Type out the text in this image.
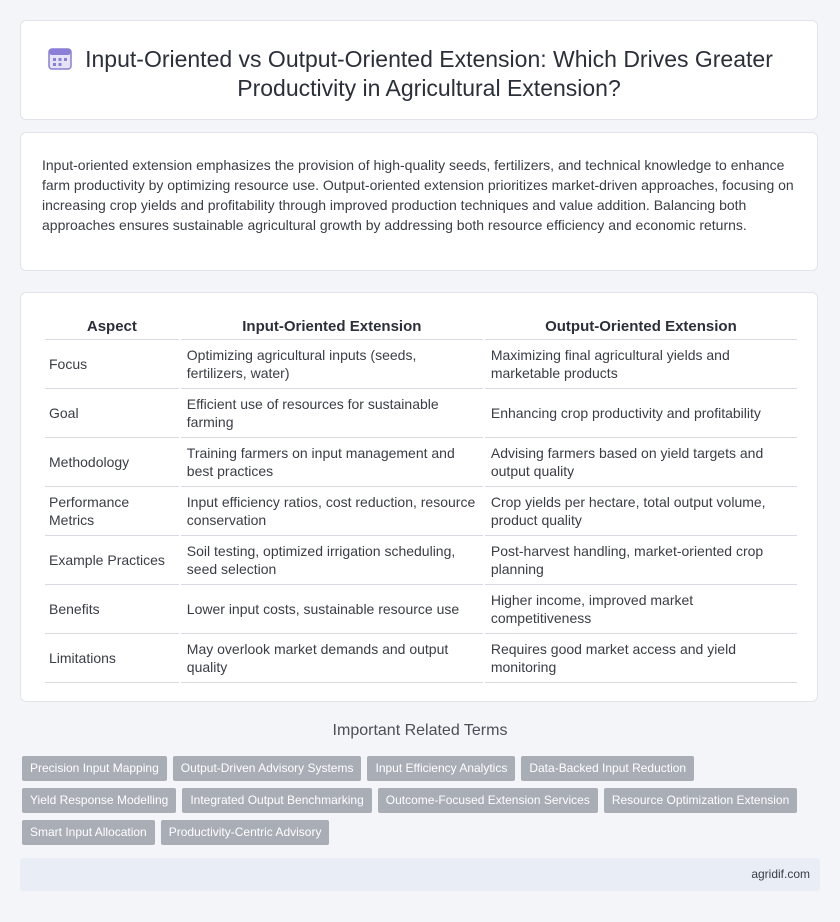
Input-Oriented vs Output-Oriented Extension: Which Drives Greater Productivity in Agricultural Extension?

Input-oriented extension emphasizes the provision of high-quality seeds, fertilizers, and technical knowledge to enhance farm productivity by optimizing resource use. Output-oriented extension prioritizes market-driven approaches, focusing on increasing crop yields and profitability through improved production techniques and value addition. Balancing both approaches ensures sustainable agricultural growth by addressing both resource efficiency and economic returns.

Aspect	Input-Oriented Extension	Output-Oriented Extension
Focus	Optimizing agricultural inputs (seeds, fertilizers, water)	Maximizing final agricultural yields and marketable products
Goal	Efficient use of resources for sustainable farming	Enhancing crop productivity and profitability
Methodology	Training farmers on input management and best practices	Advising farmers based on yield targets and output quality
Performance Metrics	Input efficiency ratios, cost reduction, resource conservation	Crop yields per hectare, total output volume, product quality
Example Practices	Soil testing, optimized irrigation scheduling, seed selection	Post-harvest handling, market-oriented crop planning
Benefits	Lower input costs, sustainable resource use	Higher income, improved market competitiveness
Limitations	May overlook market demands and output quality	Requires good market access and yield monitoring
Important Related Terms
Precision Input Mapping	Output-Driven Advisory Systems	Input Efficiency Analytics	Data-Backed Input Reduction
Yield Response Modelling	Integrated Output Benchmarking	Outcome-Focused Extension Services	Resource Optimization Extension
Smart Input Allocation	Productivity-Centric Advisory
agridif.com
